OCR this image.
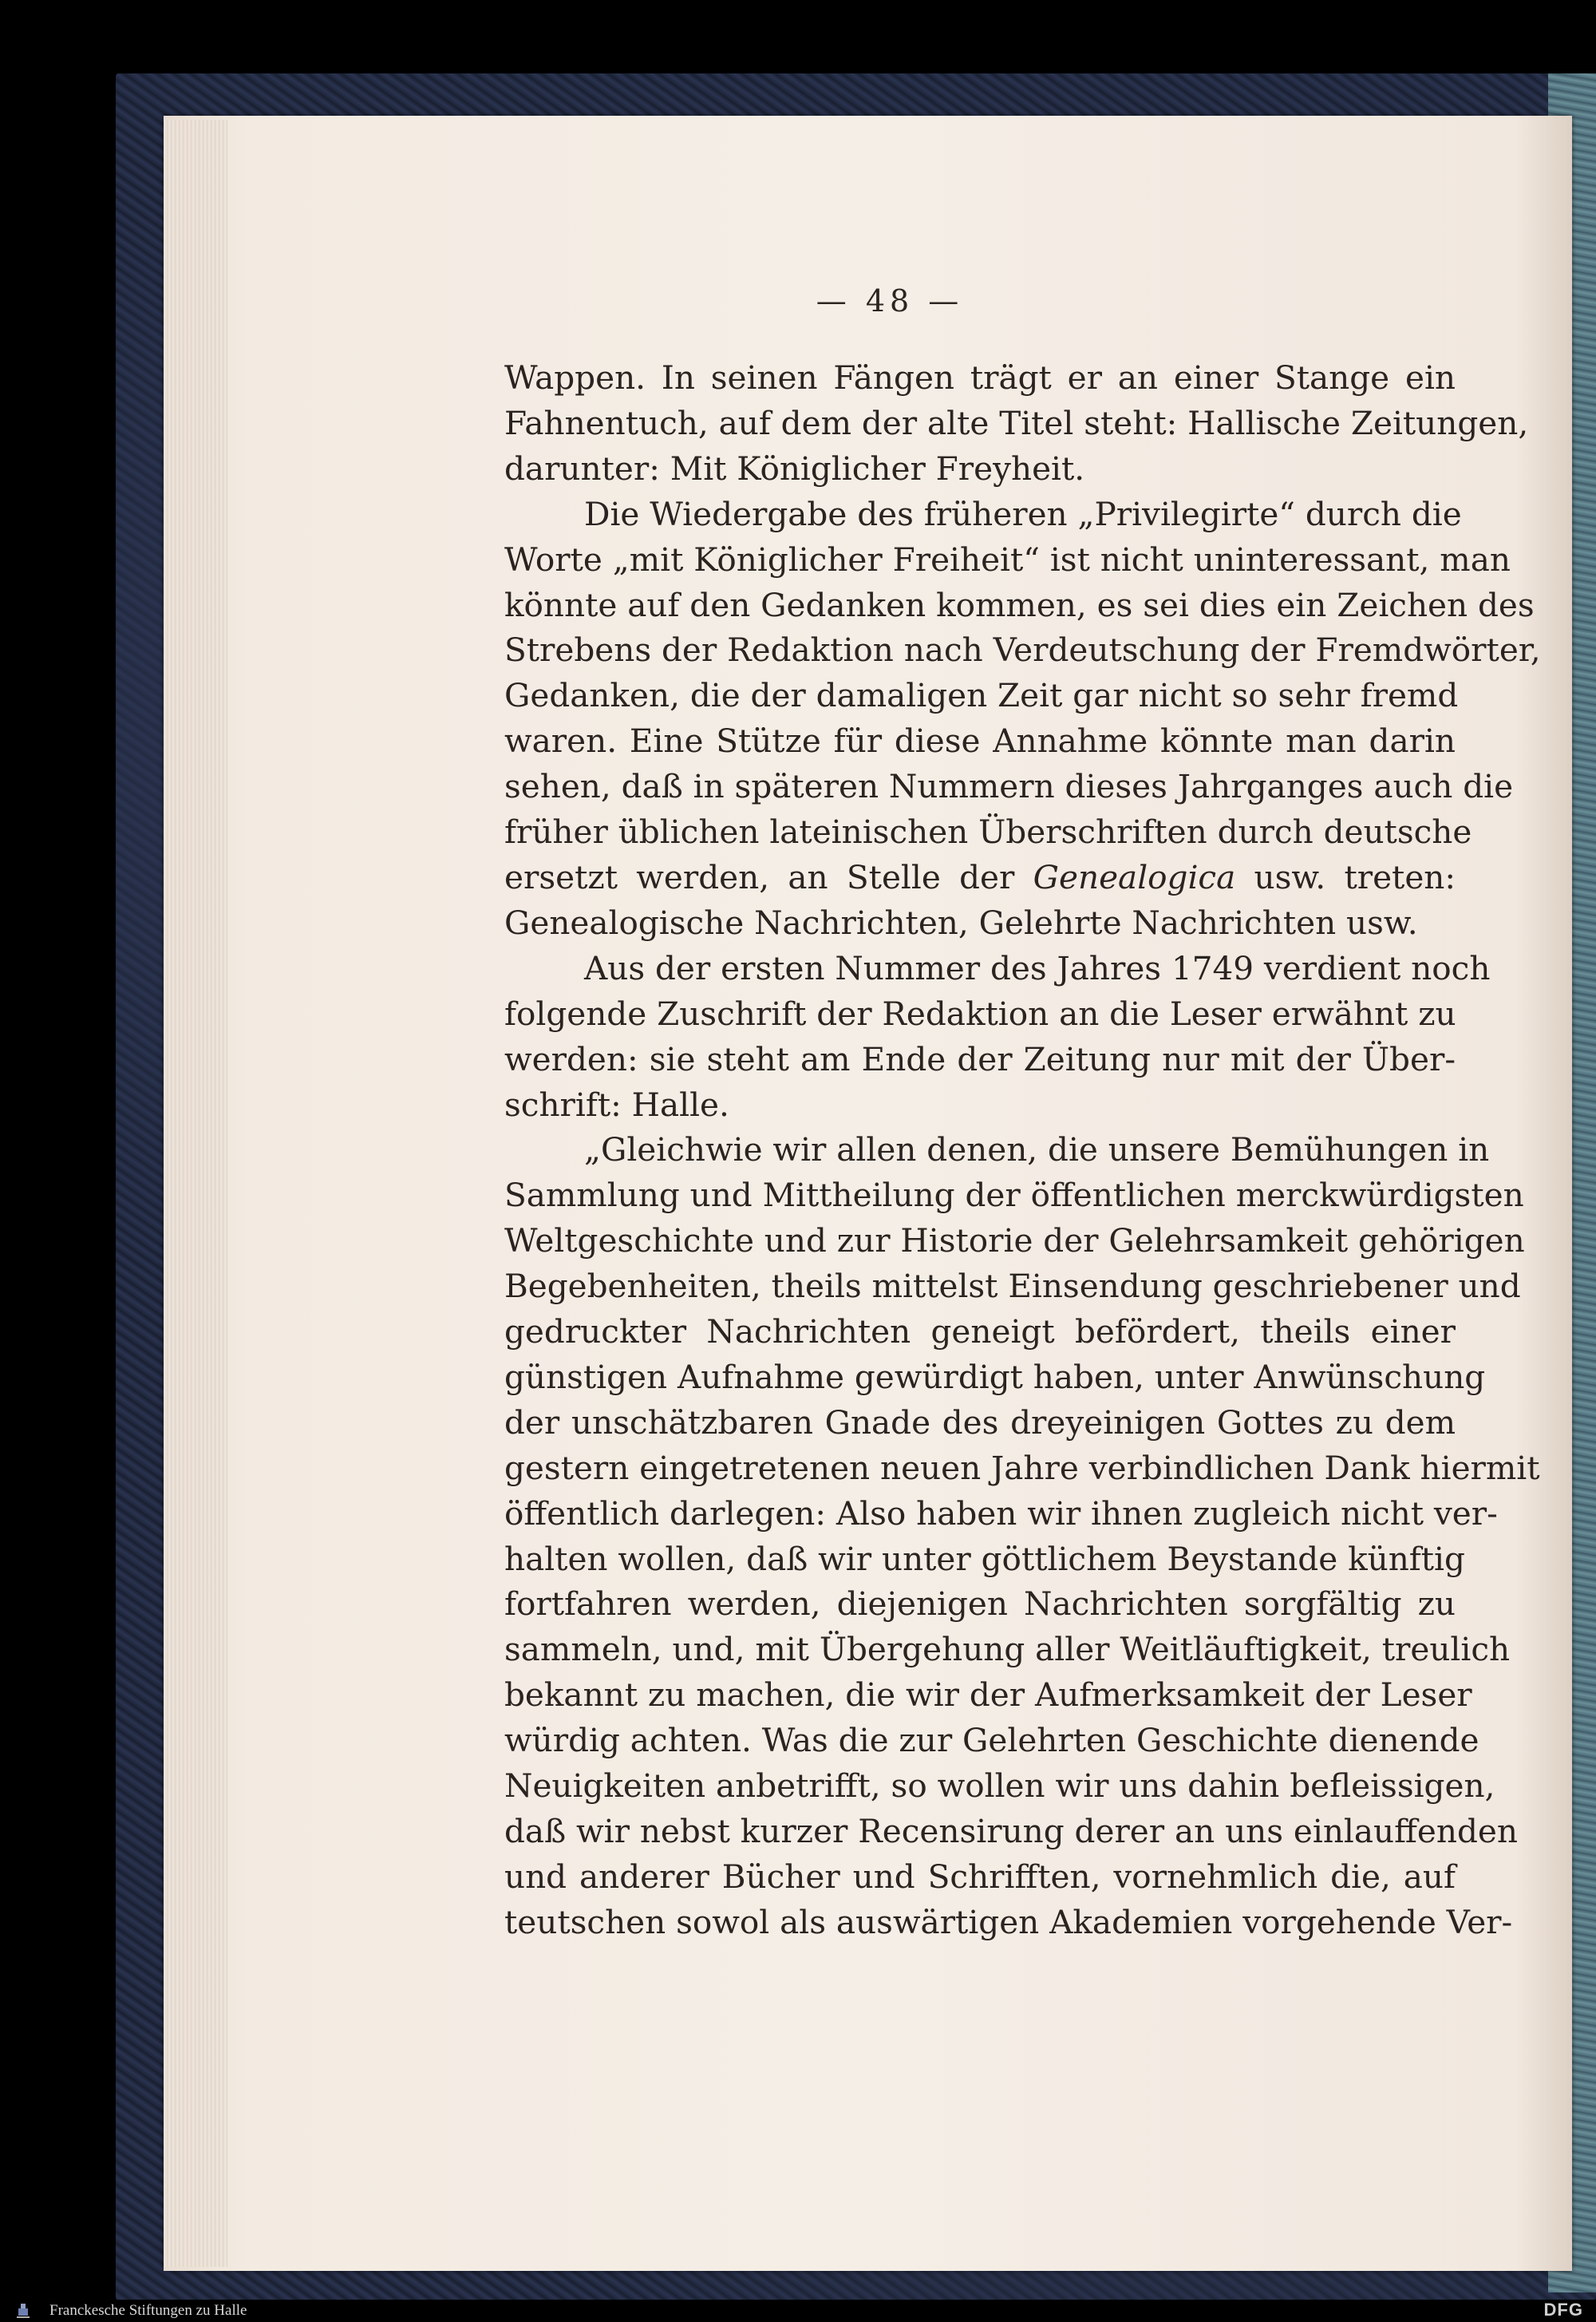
— 48 —
Wappen. In seinen Fängen trägt er an einer Stange ein
Fahnentuch, auf dem der alte Titel steht: Hallische Zeitungen,
darunter: Mit Königlicher Freyheit.
Die Wiedergabe des früheren „Privilegirte“ durch die
Worte „mit Königlicher Freiheit“ ist nicht uninteressant, man
könnte auf den Gedanken kommen, es sei dies ein Zeichen des
Strebens der Redaktion nach Verdeutschung der Fremdwörter,
Gedanken, die der damaligen Zeit gar nicht so sehr fremd
waren. Eine Stütze für diese Annahme könnte man darin
sehen, daß in späteren Nummern dieses Jahrganges auch die
früher üblichen lateinischen Überschriften durch deutsche
ersetzt werden, an Stelle der Genealogica usw. treten:
Genealogische Nachrichten, Gelehrte Nachrichten usw.
Aus der ersten Nummer des Jahres 1749 verdient noch
folgende Zuschrift der Redaktion an die Leser erwähnt zu
werden: sie steht am Ende der Zeitung nur mit der Über-
schrift: Halle.
„Gleichwie wir allen denen, die unsere Bemühungen in
Sammlung und Mittheilung der öffentlichen merckwürdigsten
Weltgeschichte und zur Historie der Gelehrsamkeit gehörigen
Begebenheiten, theils mittelst Einsendung geschriebener und
gedruckter Nachrichten geneigt befördert, theils einer
günstigen Aufnahme gewürdigt haben, unter Anwünschung
der unschätzbaren Gnade des dreyeinigen Gottes zu dem
gestern eingetretenen neuen Jahre verbindlichen Dank hiermit
öffentlich darlegen: Also haben wir ihnen zugleich nicht ver-
halten wollen, daß wir unter göttlichem Beystande künftig
fortfahren werden, diejenigen Nachrichten sorgfältig zu
sammeln, und, mit Übergehung aller Weitläuftigkeit, treulich
bekannt zu machen, die wir der Aufmerksamkeit der Leser
würdig achten. Was die zur Gelehrten Geschichte dienende
Neuigkeiten anbetrifft, so wollen wir uns dahin befleissigen,
daß wir nebst kurzer Recensirung derer an uns einlauffenden
und anderer Bücher und Schrifften, vornehmlich die, auf
teutschen sowol als auswärtigen Akademien vorgehende Ver-
Franckesche Stiftungen zu Halle	DFG
